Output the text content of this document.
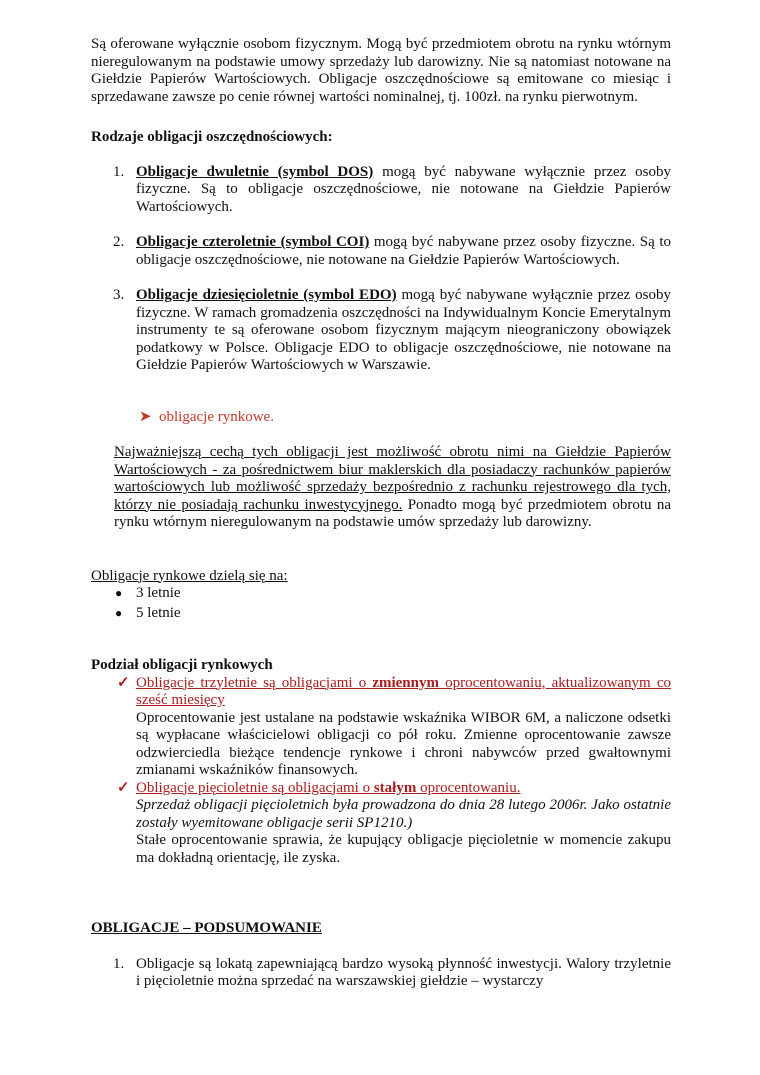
Są oferowane wyłącznie osobom fizycznym. Mogą być przedmiotem obrotu na rynku wtórnym nieregulowanym na podstawie umowy sprzedaży lub darowizny. Nie są natomiast notowane na Giełdzie Papierów Wartościowych. Obligacje oszczędnościowe są emitowane co miesiąc i sprzedawane zawsze po cenie równej wartości nominalnej, tj. 100zł. na rynku pierwotnym.

Rodzaje obligacji oszczędnościowych:

1. Obligacje dwuletnie (symbol DOS) mogą być nabywane wyłącznie przez osoby fizyczne. Są to obligacje oszczędnościowe, nie notowane na Giełdzie Papierów Wartościowych.
2. Obligacje czteroletnie (symbol COI) mogą być nabywane przez osoby fizyczne. Są to obligacje oszczędnościowe, nie notowane na Giełdzie Papierów Wartościowych.
3. Obligacje dziesięcioletnie (symbol EDO) mogą być nabywane wyłącznie przez osoby fizyczne. W ramach gromadzenia oszczędności na Indywidualnym Koncie Emerytalnym instrumenty te są oferowane osobom fizycznym mającym nieograniczony obowiązek podatkowy w Polsce. Obligacje EDO to obligacje oszczędnościowe, nie notowane na Giełdzie Papierów Wartościowych w Warszawie.
➤ obligacje rynkowe.

Najważniejszą cechą tych obligacji jest możliwość obrotu nimi na Giełdzie Papierów Wartościowych - za pośrednictwem biur maklerskich dla posiadaczy rachunków papierów wartościowych lub możliwość sprzedaży bezpośrednio z rachunku rejestrowego dla tych, którzy nie posiadają rachunku inwestycyjnego. Ponadto mogą być przedmiotem obrotu na rynku wtórnym nieregulowanym na podstawie umów sprzedaży lub darowizny.

Obligacje rynkowe dzielą się na:

● 3 letnie
● 5 letnie

Podział obligacji rynkowych

✓ Obligacje trzyletnie są obligacjami o zmiennym oprocentowaniu, aktualizowanym co sześć miesięcy
Oprocentowanie jest ustalane na podstawie wskaźnika WIBOR 6M, a naliczone odsetki są wypłacane właścicielowi obligacji co pół roku. Zmienne oprocentowanie zawsze odzwierciedla bieżące tendencje rynkowe i chroni nabywców przed gwałtownymi zmianami wskaźników finansowych.
✓ Obligacje pięcioletnie są obligacjami o stałym oprocentowaniu.
Sprzedaż obligacji pięcioletnich była prowadzona do dnia 28 lutego 2006r. Jako ostatnie zostały wyemitowane obligacje serii SP1210.)
Stałe oprocentowanie sprawia, że kupujący obligacje pięcioletnie w momencie zakupu ma dokładną orientację, ile zyska.

OBLIGACJE – PODSUMOWANIE

1. Obligacje są lokatą zapewniającą bardzo wysoką płynność inwestycji. Walory trzyletnie i pięcioletnie można sprzedać na warszawskiej giełdzie – wystarczy
